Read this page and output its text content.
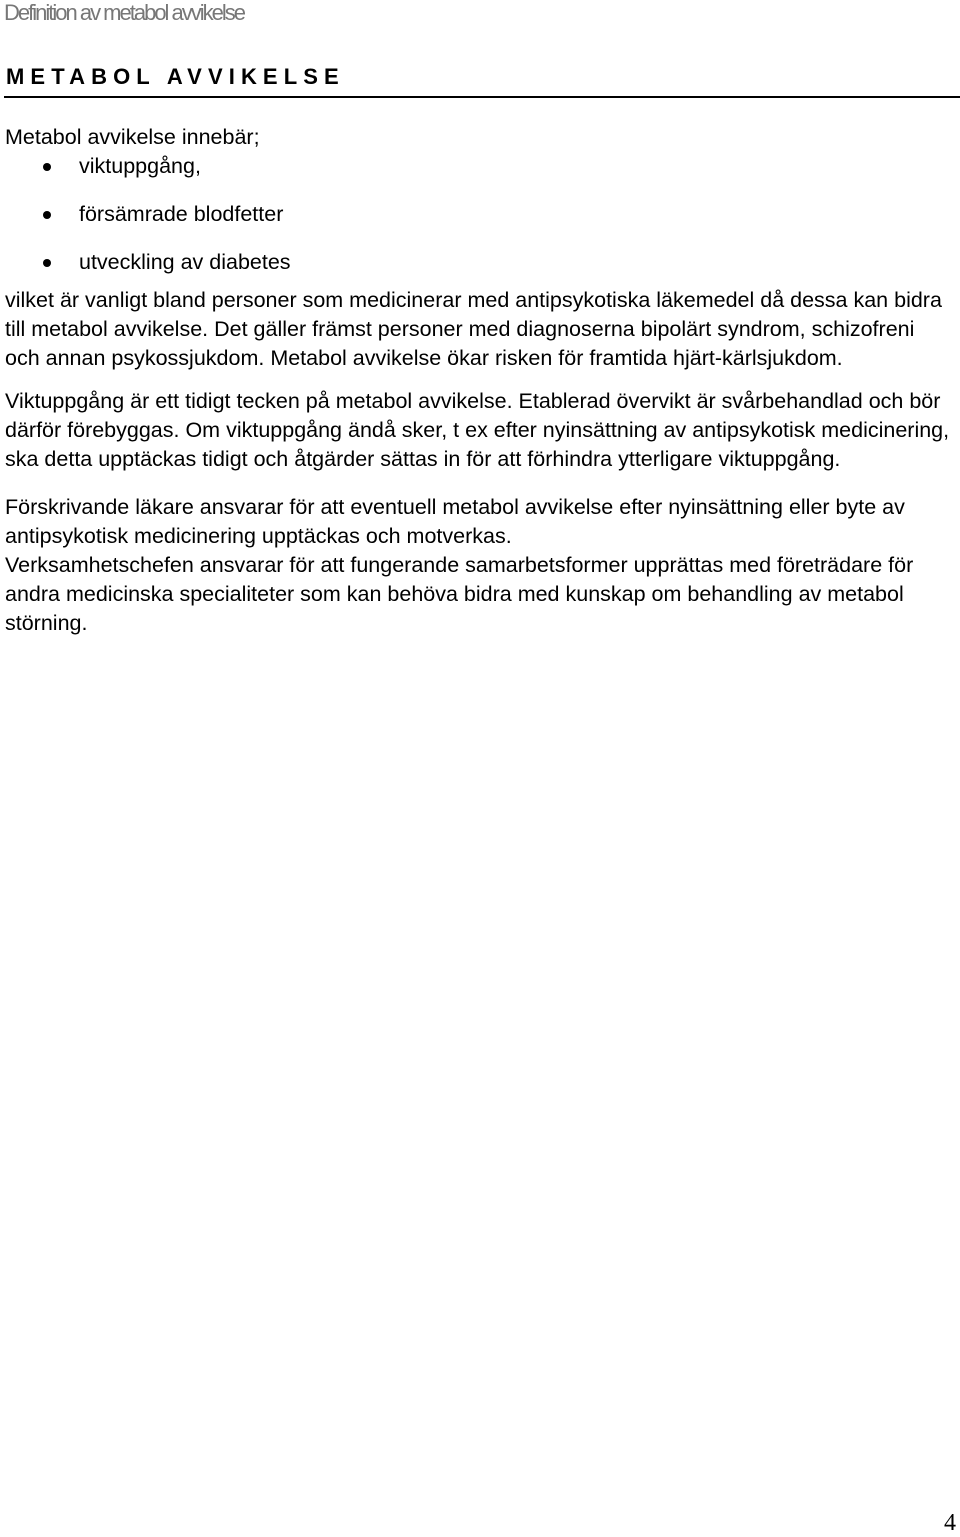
Definition av metabol avvikelse
METABOL AVVIKELSE

Metabol avvikelse innebär;

viktuppgång,
försämrade blodfetter
utveckling av diabetes

vilket är vanligt bland personer som medicinerar med antipsykotiska läkemedel då dessa kan bidra till metabol avvikelse. Det gäller främst personer med diagnoserna bipolärt syndrom, schizofreni och annan psykossjukdom. Metabol avvikelse ökar risken för framtida hjärt-kärlsjukdom.

Viktuppgång är ett tidigt tecken på metabol avvikelse. Etablerad övervikt är svårbehandlad och bör därför förebyggas. Om viktuppgång ändå sker, t ex efter nyinsättning av antipsykotisk medicinering, ska detta upptäckas tidigt och åtgärder sättas in för att förhindra ytterligare viktuppgång.

Förskrivande läkare ansvarar för att eventuell metabol avvikelse efter nyinsättning eller byte av antipsykotisk medicinering upptäckas och motverkas.

Verksamhetschefen ansvarar för att fungerande samarbetsformer upprättas med företrädare för andra medicinska specialiteter som kan behöva bidra med kunskap om behandling av metabol störning.

4
